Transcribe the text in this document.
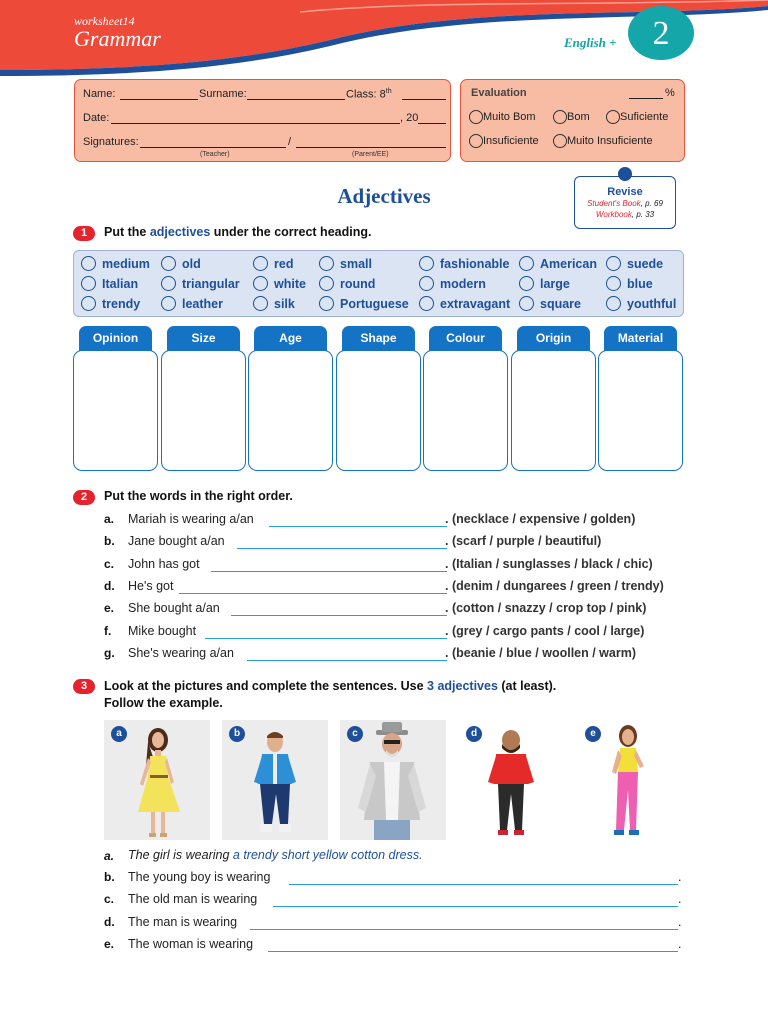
worksheet14
Grammar	English +	2
Name:	Surname:	Class: 8th
Date:	, 20
Signatures:	/
(Teacher)	(Parent/EE)
Evaluation	%
Muito Bom	Bom	Suficiente
Insuficiente	Muito Insuficiente
Adjectives	Revise
Student's Book, p. 69
Workbook, p. 33
1	Put the adjectives under the correct heading.
medium	old	red	small	fashionable	American	suede
Italian	triangular	white	round	modern	large	blue
trendy	leather	silk	Portuguese	extravagant	square	youthful
Opinion	Size	Age	Shape	Colour	Origin	Material
2	Put the words in the right order.
a. Mariah is wearing a/an	. (necklace / expensive / golden)
b. Jane bought a/an	. (scarf / purple / beautiful)
c. John has got	. (Italian / sunglasses / black / chic)
d. He's got	. (denim / dungarees / green / trendy)
e. She bought a/an	. (cotton / snazzy / crop top / pink)
f. Mike bought	. (grey / cargo pants / cool / large)
g. She's wearing a/an	. (beanie / blue / woollen / warm)
3	Look at the pictures and complete the sentences. Use 3 adjectives (at least).
Follow the example.
a	b	c	d	e
a. The girl is wearing a trendy short yellow cotton dress.
b. The young boy is wearing	.
c. The old man is wearing	.
d. The man is wearing	.
e. The woman is wearing	.
